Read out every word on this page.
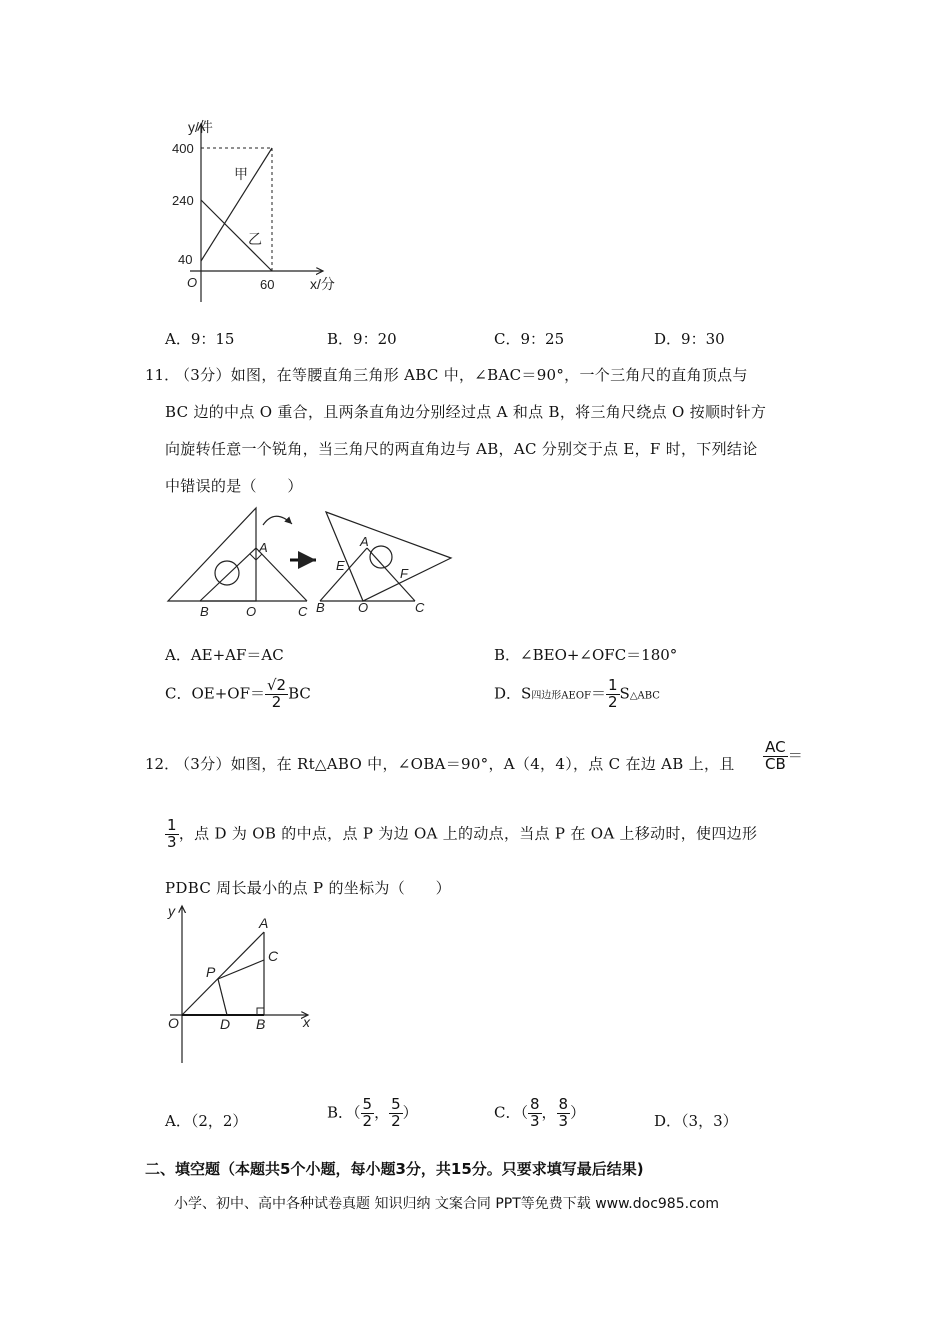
y/件
400
240
40
O	60	x/分
甲
乙
A．9：15	B．9：20	C．9：25	D．9：30
11．
（3分）如图，在等腰直角三角形 ABC 中，∠BAC＝90°，一个三角尺的直角顶点与
BC 边的中点 O 重合，且两条直角边分别经过点 A 和点 B，将三角尺绕点 O 按顺时针方
向旋转任意一个锐角，当三角尺的两直角边与 AB，AC 分别交于点 E，F 时，下列结论
中错误的是（　　）
A
B	O	C
A
E
F
B	O	C
A．AE+AF＝AC	B．∠BEO+∠OFC＝180°
C．$OE+OF= \frac{√2}{2}$ BC	D．S四边形AEOF＝ $\frac{1}{2}$ S△ABC
12．
（3分）如图，在 Rt△ABO 中，∠OBA＝90°，A（4，4），点 C 在边 AB 上，且 $\frac{AC}{CB}$ ＝
$\frac{1}{3}$ ，点 D 为 OB 的中点，点 P 为边 OA 上的动点，当点 P 在 OA 上移动时，使四边形
PDBC 周长最小的点 P 的坐标为（　　）
y
A
C
P
O	D B	x
A．（2，2）	B．（ $\frac{5}{2}$ ， $\frac{5}{2}$ ）	C．（ $\frac{8}{3}$ ， $\frac{8}{3}$ ）	D．（3，3）
二、填空题（本题共5个小题，每小题3分，共15分。只要求填写最后结果)
小学、初中、高中各种试卷真题 知识归纳 文案合同 PPT等免费下载 www.doc985.com
